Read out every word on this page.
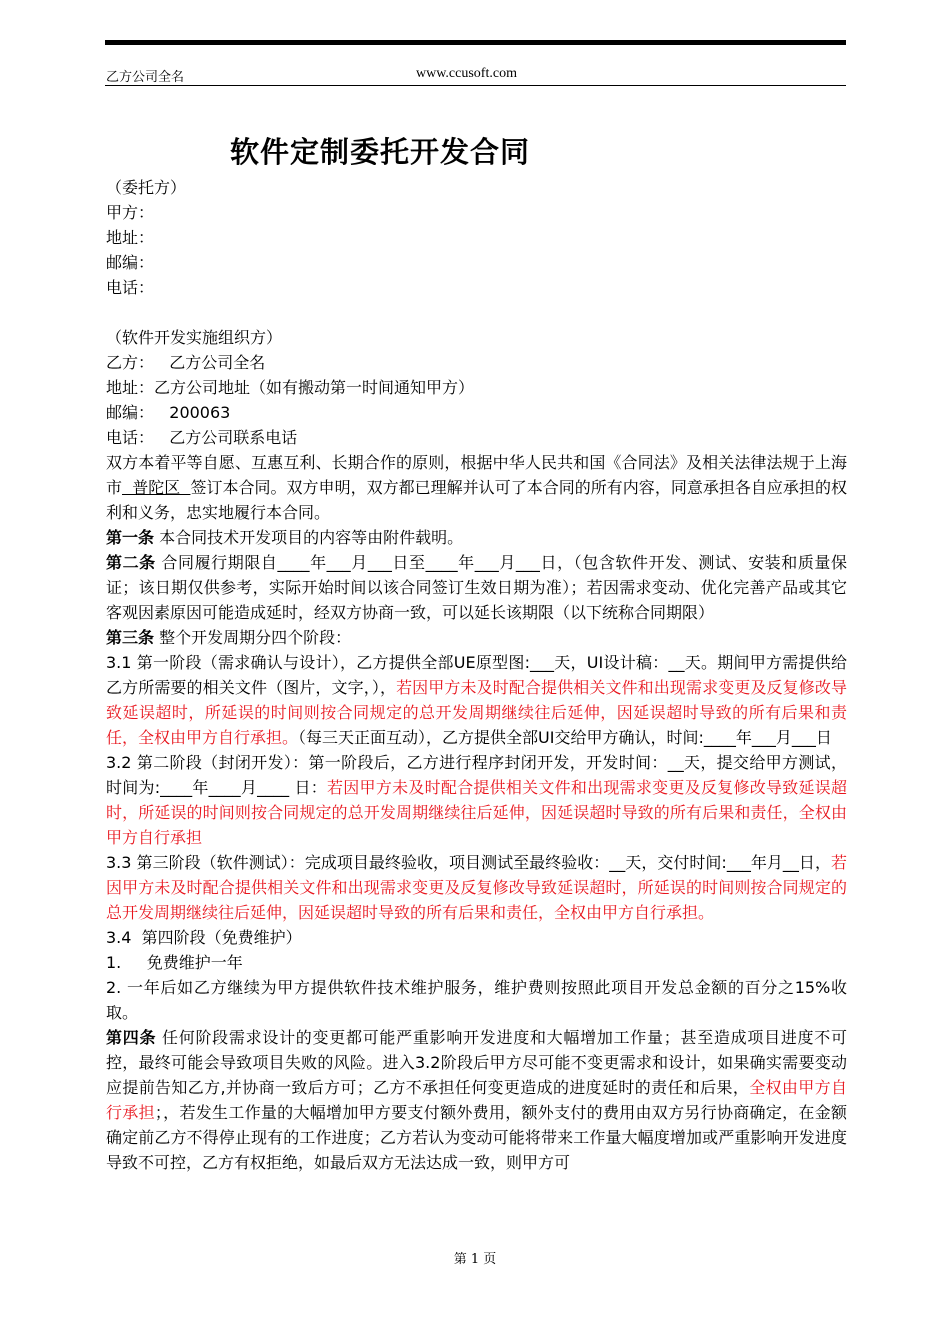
乙方公司全名	www.ccusoft.com
软件定制委托开发合同

（委托方）

甲方：

地址：

邮编：

电话：

（软件开发实施组织方）

乙方：   乙方公司全名

地址：乙方公司地址（如有搬动第一时间通知甲方）

邮编：   200063

电话：   乙方公司联系电话

双方本着平等自愿、互惠互利、长期合作的原则，根据中华人民共和国《合同法》及相关法律法规于上海市  普陀区  签订本合同。双方申明，双方都已理解并认可了本合同的所有内容，同意承担各自应承担的权利和义务，忠实地履行本合同。

第一条 本合同技术开发项目的内容等由附件载明。

第二条 合同履行期限自____年___月___日至____年___月___日，（包含软件开发、测试、安装和质量保证；该日期仅供参考，实际开始时间以该合同签订生效日期为准）；若因需求变动、优化完善产品或其它客观因素原因可能造成延时，经双方协商一致，可以延长该期限（以下统称合同期限）

第三条 整个开发周期分四个阶段：

3.1 第一阶段（需求确认与设计），乙方提供全部UE原型图:___天，UI设计稿：__天。期间甲方需提供给乙方所需要的相关文件（图片，文字，），若因甲方未及时配合提供相关文件和出现需求变更及反复修改导致延误超时，所延误的时间则按合同规定的总开发周期继续往后延伸，因延误超时导致的所有后果和责任，全权由甲方自行承担。（每三天正面互动），乙方提供全部UI交给甲方确认，时间:____年___月___日

3.2 第二阶段（封闭开发）：第一阶段后，乙方进行程序封闭开发，开发时间：__天，提交给甲方测试，时间为:____年____月____ 日：若因甲方未及时配合提供相关文件和出现需求变更及反复修改导致延误超时，所延误的时间则按合同规定的总开发周期继续往后延伸，因延误超时导致的所有后果和责任，全权由甲方自行承担

3.3 第三阶段（软件测试）：完成项目最终验收，项目测试至最终验收：__天，交付时间:___年月__日，若因甲方未及时配合提供相关文件和出现需求变更及反复修改导致延误超时，所延误的时间则按合同规定的总开发周期继续往后延伸，因延误超时导致的所有后果和责任，全权由甲方自行承担。

3.4  第四阶段（免费维护）

1.     免费维护一年

2. 一年后如乙方继续为甲方提供软件技术维护服务，维护费则按照此项目开发总金额的百分之15%收取。

第四条 任何阶段需求设计的变更都可能严重影响开发进度和大幅增加工作量；甚至造成项目进度不可控，最终可能会导致项目失败的风险。进入3.2阶段后甲方尽可能不变更需求和设计，如果确实需要变动应提前告知乙方,并协商一致后方可；乙方不承担任何变更造成的进度延时的责任和后果，全权由甲方自行承担；，若发生工作量的大幅增加甲方要支付额外费用，额外支付的费用由双方另行协商确定，在金额确定前乙方不得停止现有的工作进度；乙方若认为变动可能将带来工作量大幅度增加或严重影响开发进度导致不可控，乙方有权拒绝，如最后双方无法达成一致，则甲方可

第 1 页
